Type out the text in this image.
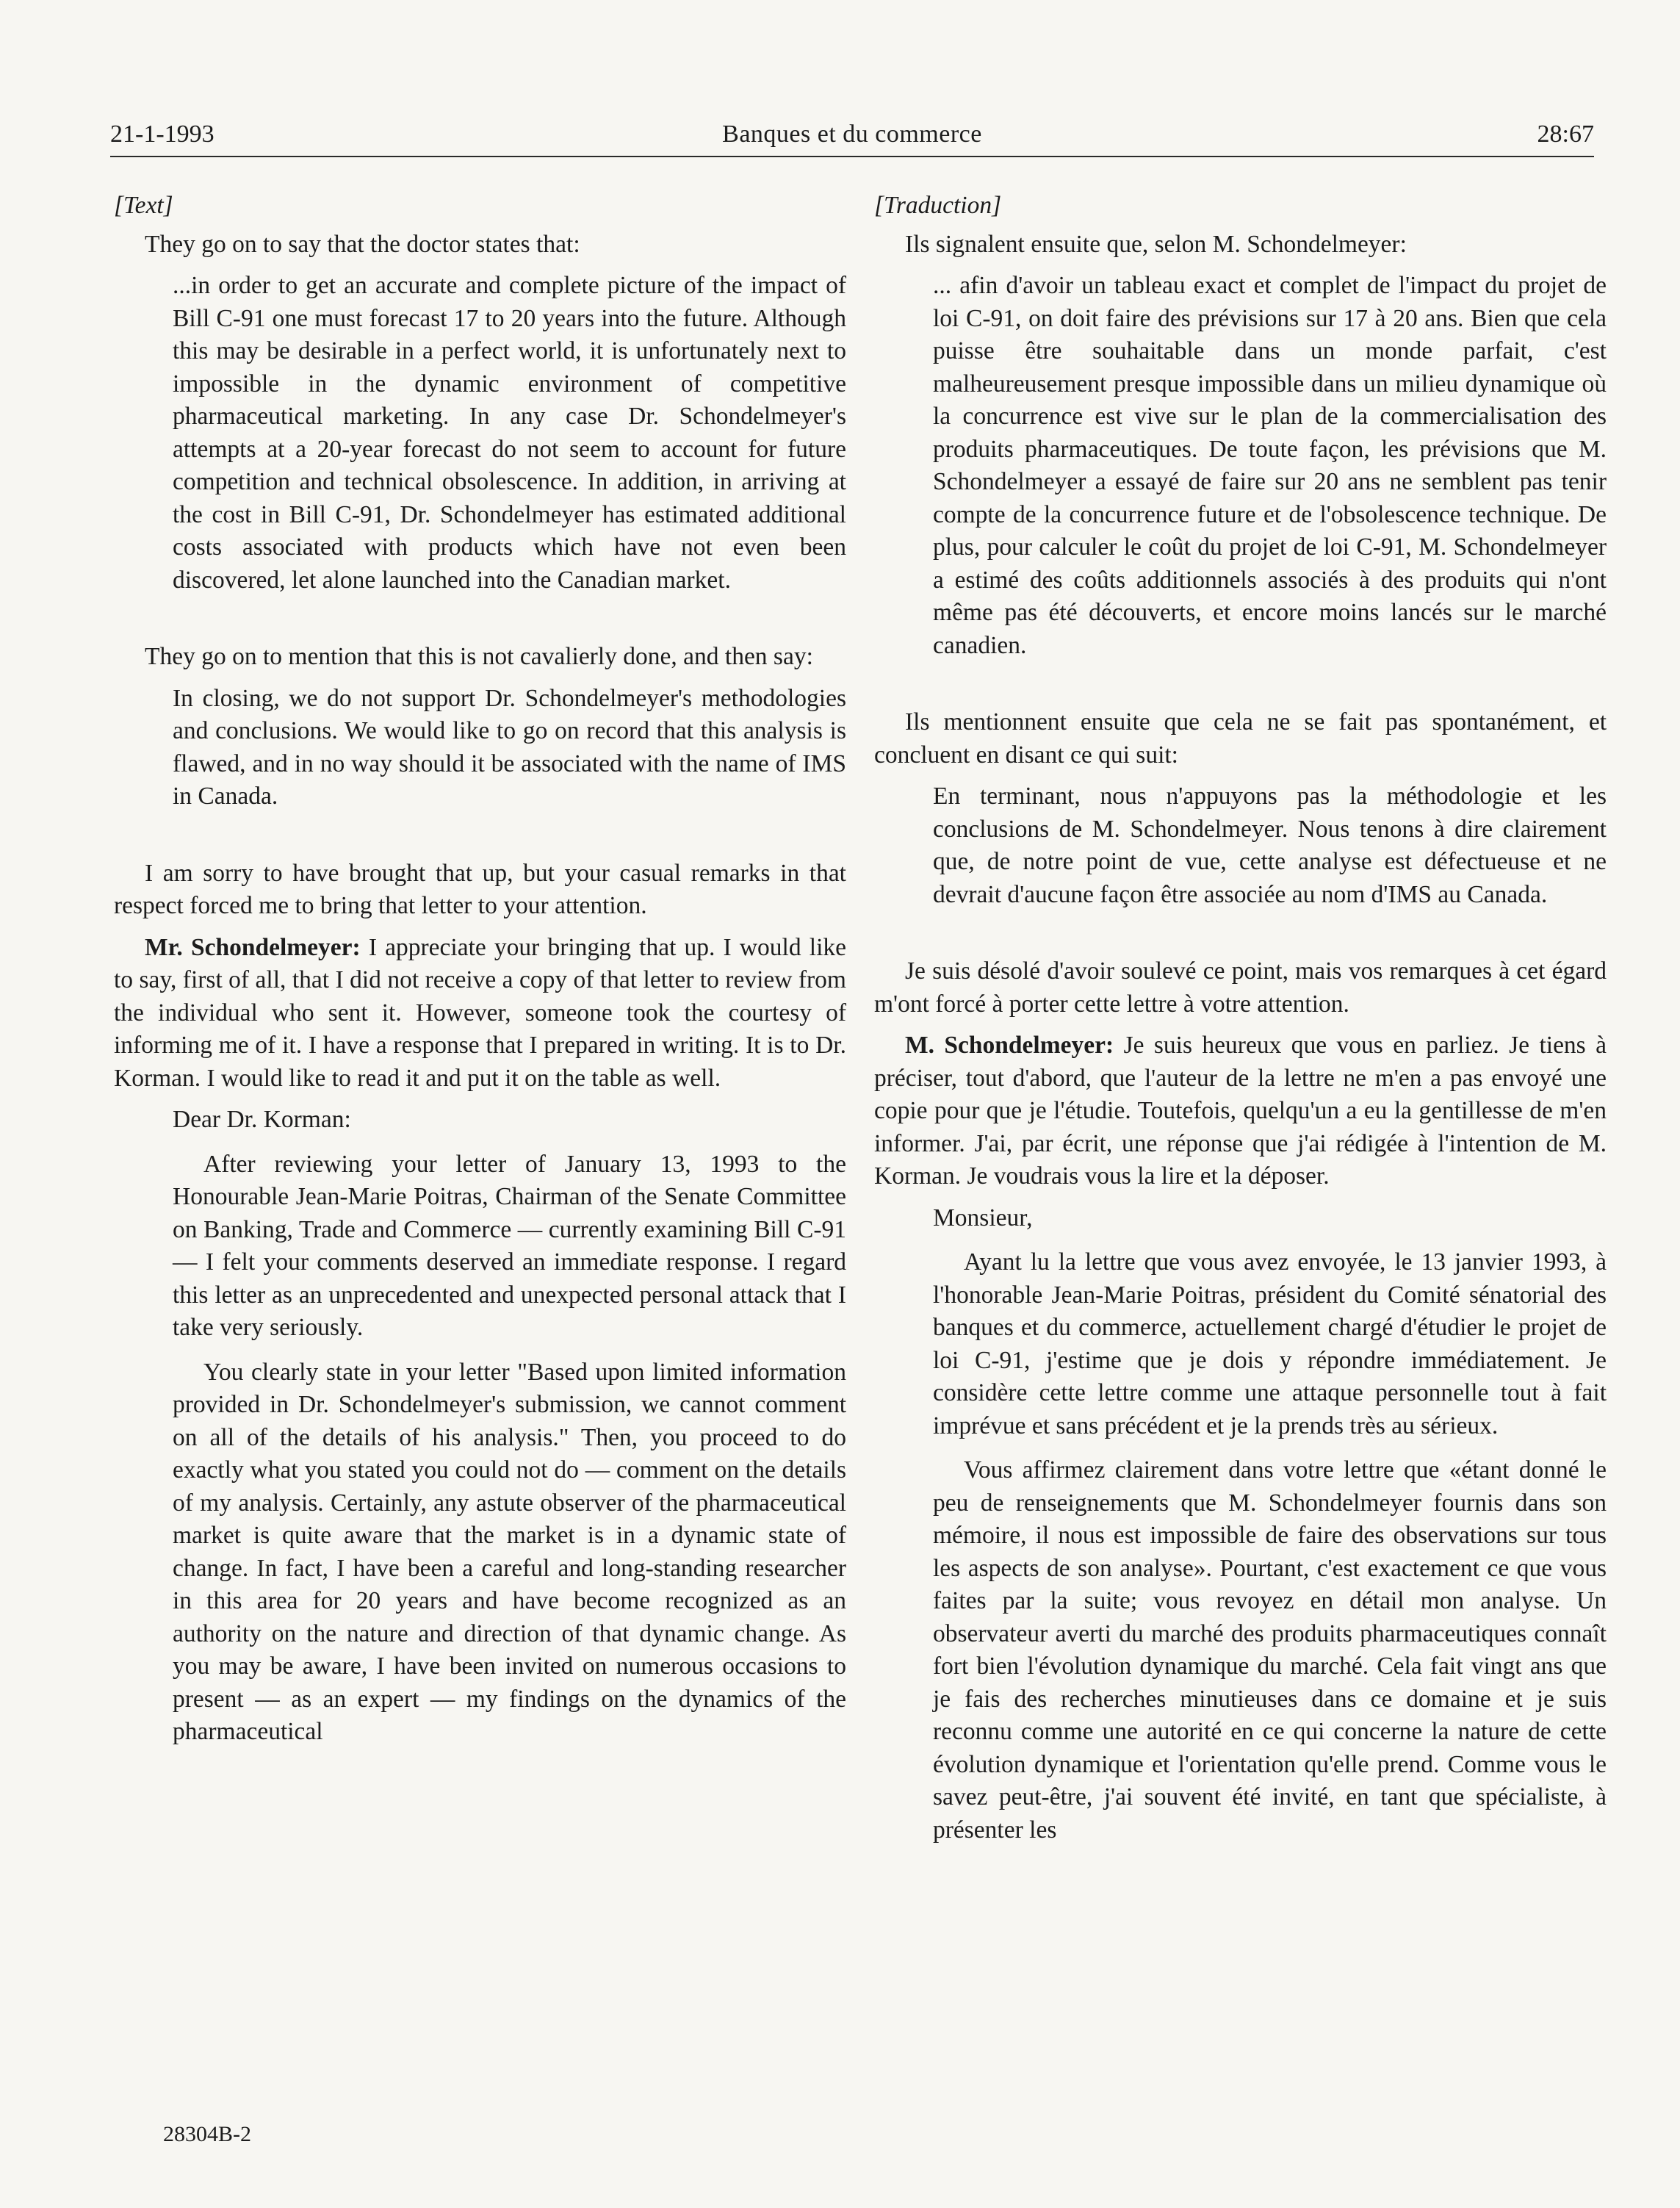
21-1-1993	Banques et du commerce	28:67

[Text]

They go on to say that the doctor states that:

...in order to get an accurate and complete picture of the impact of Bill C-91 one must forecast 17 to 20 years into the future. Although this may be desirable in a perfect world, it is unfortunately next to impossible in the dynamic environment of competitive pharmaceutical marketing. In any case Dr. Schondelmeyer's attempts at a 20-year forecast do not seem to account for future competition and technical obsolescence. In addition, in arriving at the cost in Bill C-91, Dr. Schondelmeyer has estimated additional costs associated with products which have not even been discovered, let alone launched into the Canadian market.

They go on to mention that this is not cavalierly done, and then say:

In closing, we do not support Dr. Schondelmeyer's methodologies and conclusions. We would like to go on record that this analysis is flawed, and in no way should it be associated with the name of IMS in Canada.

I am sorry to have brought that up, but your casual remarks in that respect forced me to bring that letter to your attention.

Mr. Schondelmeyer: I appreciate your bringing that up. I would like to say, first of all, that I did not receive a copy of that letter to review from the individual who sent it. However, someone took the courtesy of informing me of it. I have a response that I prepared in writing. It is to Dr. Korman. I would like to read it and put it on the table as well.

Dear Dr. Korman:

After reviewing your letter of January 13, 1993 to the Honourable Jean-Marie Poitras, Chairman of the Senate Committee on Banking, Trade and Commerce — currently examining Bill C-91 — I felt your comments deserved an immediate response. I regard this letter as an unprecedented and unexpected personal attack that I take very seriously.

You clearly state in your letter "Based upon limited information provided in Dr. Schondelmeyer's submission, we cannot comment on all of the details of his analysis." Then, you proceed to do exactly what you stated you could not do — comment on the details of my analysis. Certainly, any astute observer of the pharmaceutical market is quite aware that the market is in a dynamic state of change. In fact, I have been a careful and long-standing researcher in this area for 20 years and have become recognized as an authority on the nature and direction of that dynamic change. As you may be aware, I have been invited on numerous occasions to present — as an expert — my findings on the dynamics of the pharmaceutical

[Traduction]

Ils signalent ensuite que, selon M. Schondelmeyer:

... afin d'avoir un tableau exact et complet de l'impact du projet de loi C-91, on doit faire des prévisions sur 17 à 20 ans. Bien que cela puisse être souhaitable dans un monde parfait, c'est malheureusement presque impossible dans un milieu dynamique où la concurrence est vive sur le plan de la commercialisation des produits pharmaceutiques. De toute façon, les prévisions que M. Schondelmeyer a essayé de faire sur 20 ans ne semblent pas tenir compte de la concurrence future et de l'obsolescence technique. De plus, pour calculer le coût du projet de loi C-91, M. Schondelmeyer a estimé des coûts additionnels associés à des produits qui n'ont même pas été découverts, et encore moins lancés sur le marché canadien.

Ils mentionnent ensuite que cela ne se fait pas spontanément, et concluent en disant ce qui suit:

En terminant, nous n'appuyons pas la méthodologie et les conclusions de M. Schondelmeyer. Nous tenons à dire clairement que, de notre point de vue, cette analyse est défectueuse et ne devrait d'aucune façon être associée au nom d'IMS au Canada.

Je suis désolé d'avoir soulevé ce point, mais vos remarques à cet égard m'ont forcé à porter cette lettre à votre attention.

M. Schondelmeyer: Je suis heureux que vous en parliez. Je tiens à préciser, tout d'abord, que l'auteur de la lettre ne m'en a pas envoyé une copie pour que je l'étudie. Toutefois, quelqu'un a eu la gentillesse de m'en informer. J'ai, par écrit, une réponse que j'ai rédigée à l'intention de M. Korman. Je voudrais vous la lire et la déposer.

Monsieur,

Ayant lu la lettre que vous avez envoyée, le 13 janvier 1993, à l'honorable Jean-Marie Poitras, président du Comité sénatorial des banques et du commerce, actuellement chargé d'étudier le projet de loi C-91, j'estime que je dois y répondre immédiatement. Je considère cette lettre comme une attaque personnelle tout à fait imprévue et sans précédent et je la prends très au sérieux.

Vous affirmez clairement dans votre lettre que «étant donné le peu de renseignements que M. Schondelmeyer fournis dans son mémoire, il nous est impossible de faire des observations sur tous les aspects de son analyse». Pourtant, c'est exactement ce que vous faites par la suite; vous revoyez en détail mon analyse. Un observateur averti du marché des produits pharmaceutiques connaît fort bien l'évolution dynamique du marché. Cela fait vingt ans que je fais des recherches minutieuses dans ce domaine et je suis reconnu comme une autorité en ce qui concerne la nature de cette évolution dynamique et l'orientation qu'elle prend. Comme vous le savez peut-être, j'ai souvent été invité, en tant que spécialiste, à présenter les

28304B-2
